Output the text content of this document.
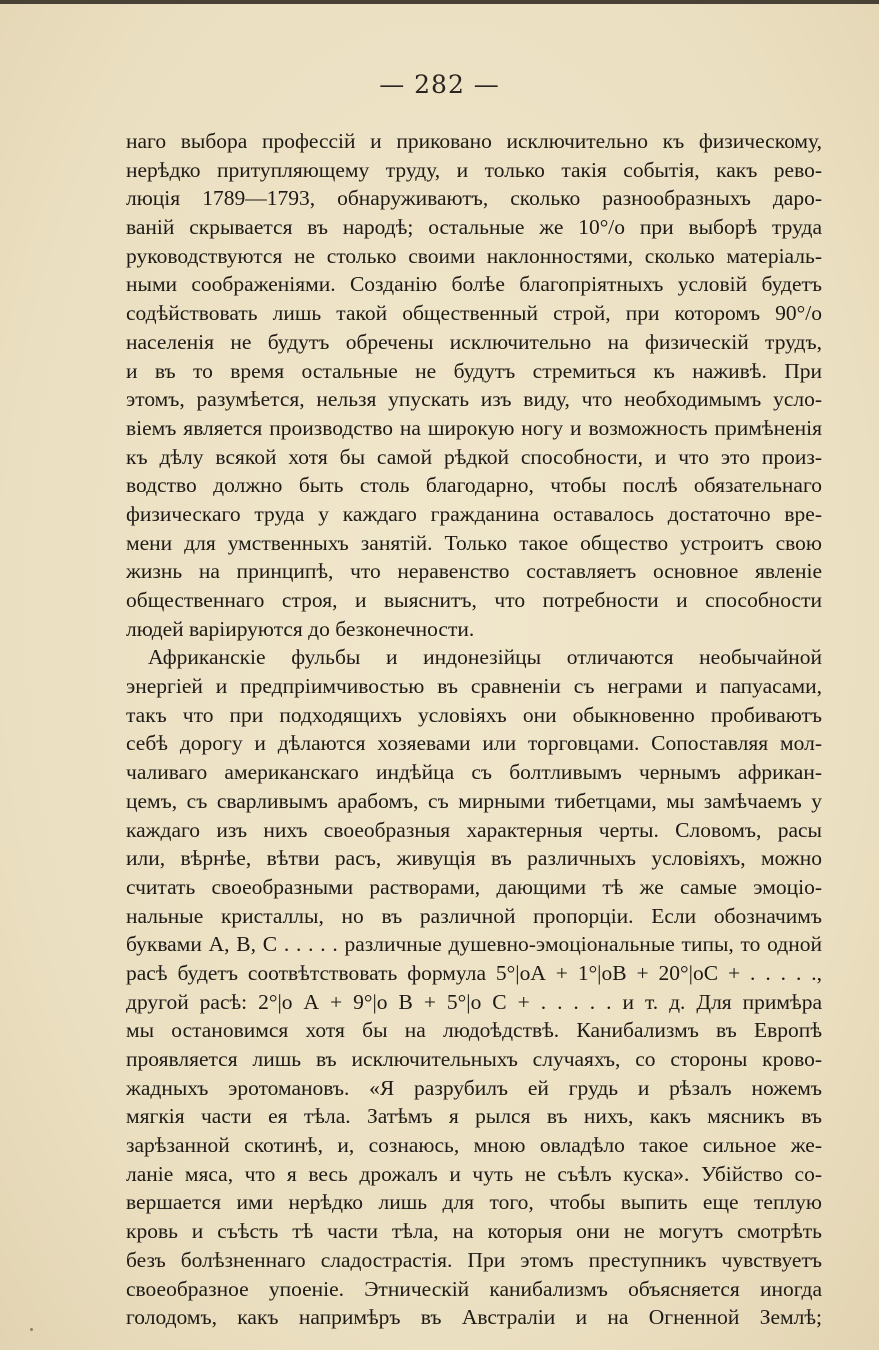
— 282 —
наго выбора профессій и приковано исключительно къ физическому,
нерѣдко притупляющему труду, и только такія событія, какъ рево-
люція 1789—1793, обнаруживаютъ, сколько разнообразныхъ даро-
ваній скрывается въ народѣ; остальные же 10°/o при выборѣ труда
руководствуются не столько своими наклонностями, сколько матеріаль-
ными соображеніями. Созданію болѣе благопріятныхъ условій будетъ
содѣйствовать лишь такой общественный строй, при которомъ 90°/o
населенія не будутъ обречены исключительно на физическій трудъ,
и въ то время остальные не будутъ стремиться къ наживѣ. При
этомъ, разумѣется, нельзя упускать изъ виду, что необходимымъ усло-
віемъ является производство на широкую ногу и возможность примѣненія
къ дѣлу всякой хотя бы самой рѣдкой способности, и что это произ-
водство должно быть столь благодарно, чтобы послѣ обязательнаго
физическаго труда у каждаго гражданина оставалось достаточно вре-
мени для умственныхъ занятій. Только такое общество устроитъ свою
жизнь на принципѣ, что неравенство составляетъ основное явленіе
общественнаго строя, и выяснитъ, что потребности и способности
людей варіируются до безконечности.
Африканскіе фульбы и индонезійцы отличаются необычайной
энергіей и предпріимчивостью въ сравненіи съ неграми и папуасами,
такъ что при подходящихъ условіяхъ они обыкновенно пробиваютъ
себѣ дорогу и дѣлаются хозяевами или торговцами. Сопоставляя мол-
чаливаго американскаго индѣйца съ болтливымъ чернымъ африкан-
цемъ, съ сварливымъ арабомъ, съ мирными тибетцами, мы замѣчаемъ у
каждаго изъ нихъ своеобразныя характерныя черты. Словомъ, расы
или, вѣрнѣе, вѣтви расъ, живущія въ различныхъ условіяхъ, можно
считать своеобразными растворами, дающими тѣ же самые эмоціо-
нальные кристаллы, но въ различной пропорціи. Если обозначимъ
буквами А, В, С . . . . . различные душевно-эмоціональные типы, то одной
расѣ будетъ соотвѣтствовать формула 5°|оА + 1°|оВ + 20°|оС + . . . . .,
другой расѣ: 2°|о А + 9°|о В + 5°|о С + . . . . . и т. д. Для примѣра
мы остановимся хотя бы на людоѣдствѣ. Канибализмъ въ Европѣ
проявляется лишь въ исключительныхъ случаяхъ, со стороны крово-
жадныхъ эротомановъ. «Я разрубилъ ей грудь и рѣзалъ ножемъ
мягкія части ея тѣла. Затѣмъ я рылся въ нихъ, какъ мясникъ въ
зарѣзанной скотинѣ, и, сознаюсь, мною овладѣло такое сильное же-
ланіе мяса, что я весь дрожалъ и чуть не съѣлъ куска». Убійство со-
вершается ими нерѣдко лишь для того, чтобы выпить еще теплую
кровь и съѣсть тѣ части тѣла, на которыя они не могутъ смотрѣть
безъ болѣзненнаго сладострастія. При этомъ преступникъ чувствуетъ
своеобразное упоеніе. Этническій канибализмъ объясняется иногда
голодомъ, какъ напримѣръ въ Австраліи и на Огненной Землѣ;
